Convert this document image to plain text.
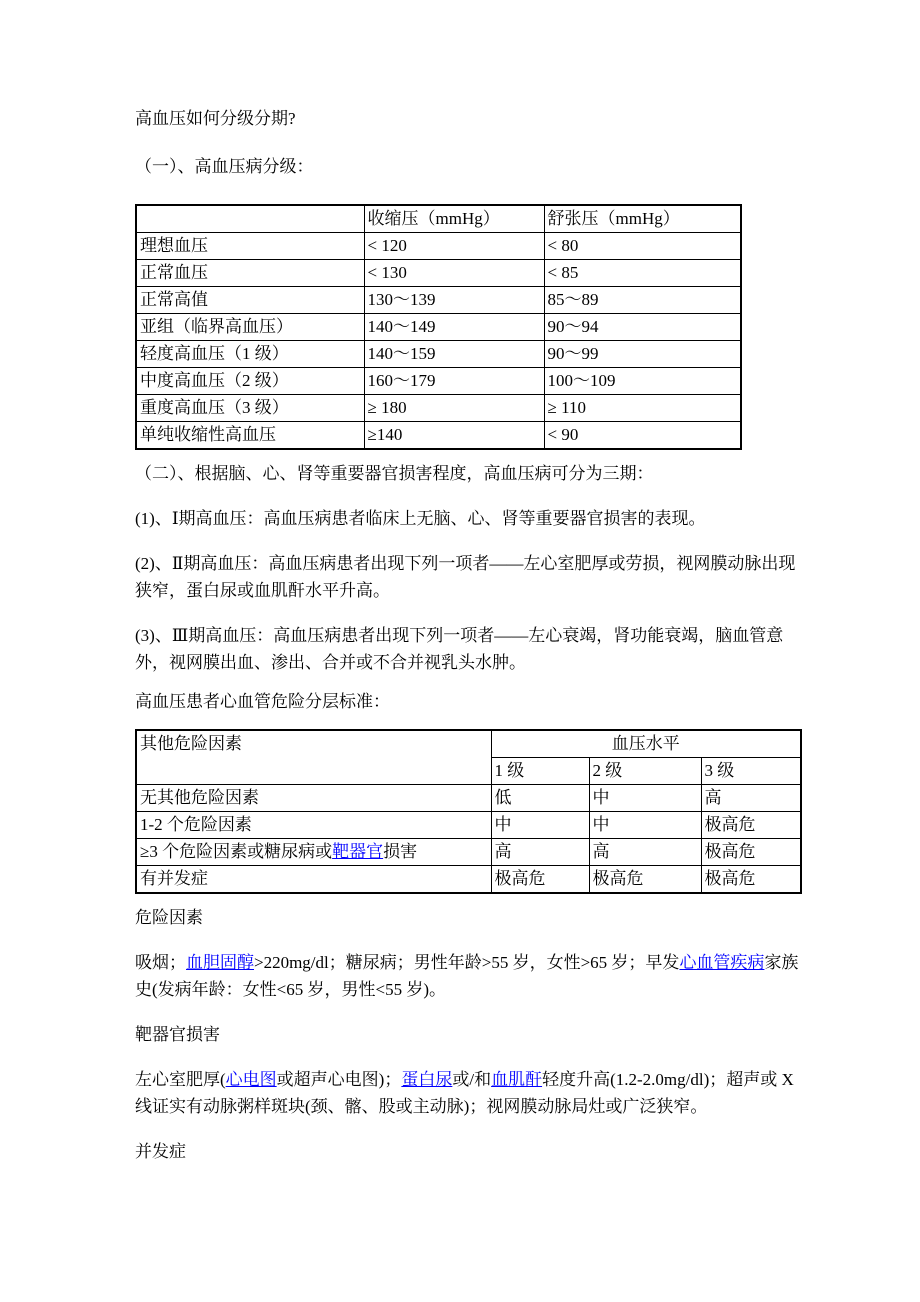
高血压如何分级分期?

（一）、高血压病分级：

	收缩压（mmHg）	舒张压（mmHg）
理想血压	< 120	< 80
正常血压	< 130	< 85
正常高值	130～139	85～89
亚组（临界高血压）	140～149	90～94
轻度高血压（1 级）	140～159	90～99
中度高血压（2 级）	160～179	100～109
重度高血压（3 级）	≥ 180	≥ 110
单纯收缩性高血压	≥140	< 90

（二）、根据脑、心、肾等重要器官损害程度，高血压病可分为三期：

(1)、Ⅰ期高血压：高血压病患者临床上无脑、心、肾等重要器官损害的表现。

(2)、Ⅱ期高血压：高血压病患者出现下列一项者——左心室肥厚或劳损，视网膜动脉出现狭窄，蛋白尿或血肌酐水平升高。

(3)、Ⅲ期高血压：高血压病患者出现下列一项者——左心衰竭，肾功能衰竭，脑血管意外，视网膜出血、渗出、合并或不合并视乳头水肿。

高血压患者心血管危险分层标准：

其他危险因素	血压水平		
	1 级	2 级	3 级
无其他危险因素	低	中	高
1-2 个危险因素	中	中	极高危
≥3 个危险因素或糖尿病或靶器官损害	高	高	极高危
有并发症	极高危	极高危	极高危

危险因素

吸烟；血胆固醇>220mg/dl；糖尿病；男性年龄>55 岁，女性>65 岁；早发心血管疾病家族史(发病年龄：女性<65 岁，男性<55 岁)。

靶器官损害

左心室肥厚(心电图或超声心电图)；蛋白尿或/和血肌酐轻度升高(1.2-2.0mg/dl)；超声或 X 线证实有动脉粥样斑块(颈、髂、股或主动脉)；视网膜动脉局灶或广泛狭窄。

并发症
